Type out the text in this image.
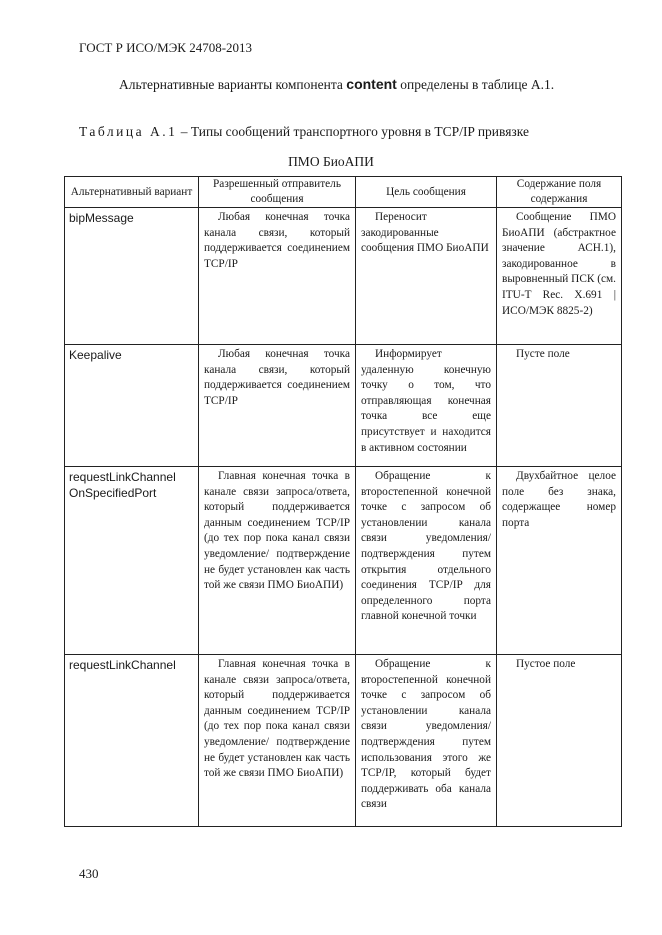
ГОСТ Р ИСО/МЭК 24708-2013
Альтернативные варианты компонента content определены в таблице А.1.
Таблица А.1 – Типы сообщений транспортного уровня в TCP/IP привязке
ПМО БиоАПИ
Альтернативный вариант	Разрешенный отправитель сообщения	Цель сообщения	Содержание поля содержания
bipMessage	Любая конечная точка канала связи, который поддерживается соединением TCP/IP	Переносит закодированные сообщения ПМО БиоАПИ	Сообщение ПМО БиоАПИ (абстрактное значение АСН.1), закодированное в выровненный ПСК (см. ITU-T Rec. X.691 | ИСО/МЭК 8825-2)
Keepalive	Любая конечная точка канала связи, который поддерживается соединением TCP/IP	Информирует удаленную конечную точку о том, что отправляющая конечная точка все еще присутствует и находится в активном состоянии	Пусте поле
requestLinkChannel OnSpecifiedPort	Главная конечная точка в канале связи запроса/ответа, который поддерживается данным соединением TCP/IP (до тех пор пока канал связи уведомление/ подтверждение не будет установлен как часть той же связи ПМО БиоАПИ)	Обращение к второстепенной конечной точке с запросом об установлении канала связи уведомления/ подтверждения путем открытия отдельного соединения TCP/IP для определенного порта главной конечной точки	Двухбайтное целое поле без знака, содержащее номер порта
requestLinkChannel	Главная конечная точка в канале связи запроса/ответа, который поддерживается данным соединением TCP/IP (до тех пор пока канал связи уведомление/ подтверждение не будет установлен как часть той же связи ПМО БиоАПИ)	Обращение к второстепенной конечной точке с запросом об установлении канала связи уведомления/ подтверждения путем использования этого же TCP/IP, который будет поддерживать оба канала связи	Пустое поле
430
